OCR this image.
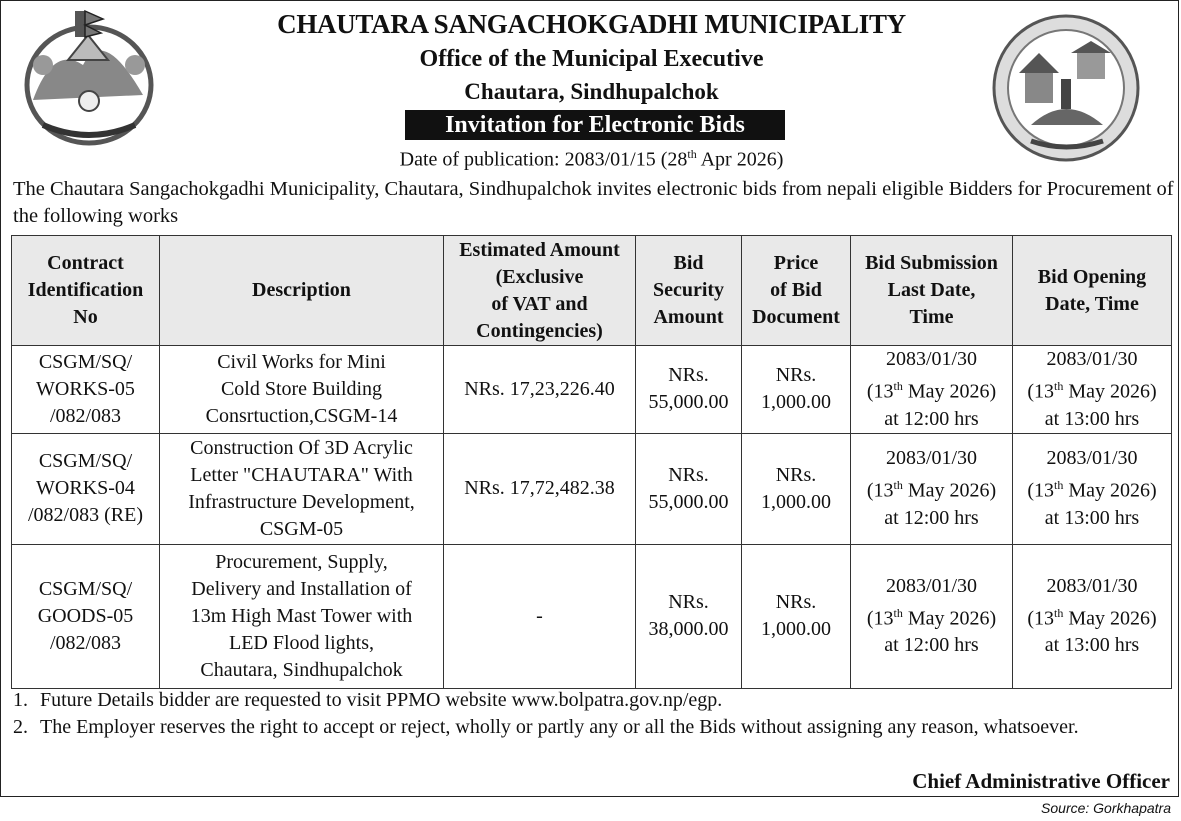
CHAUTARA SANGACHOKGADHI MUNICIPALITY
Office of the Municipal Executive
Chautara, Sindhupalchok
Invitation for Electronic Bids
Date of publication: 2083/01/15 (28th Apr 2026)
The Chautara Sangachokgadhi Municipality, Chautara, Sindhupalchok invites electronic bids from nepali eligible Bidders for Procurement of the following works
Contract
Identification
No	Description	Estimated Amount
(Exclusive
of VAT and
Contingencies)	Bid
Security
Amount	Price
of Bid
Document	Bid Submission
Last Date,
Time	Bid Opening
Date, Time

CSGM/SQ/
WORKS-05
/082/083	Civil Works for Mini
Cold Store Building
Consrtuction,CSGM-14	NRs. 17,23,226.40	NRs.
55,000.00	NRs.
1,000.00	2083/01/30
(13th May 2026)
at 12:00 hrs	2083/01/30
(13th May 2026)
at 13:00 hrs

CSGM/SQ/
WORKS-04
/082/083 (RE)	Construction Of 3D Acrylic
Letter "CHAUTARA" With
Infrastructure Development,
CSGM-05	NRs. 17,72,482.38	NRs.
55,000.00	NRs.
1,000.00	2083/01/30
(13th May 2026)
at 12:00 hrs	2083/01/30
(13th May 2026)
at 13:00 hrs

CSGM/SQ/
GOODS-05
/082/083	Procurement, Supply,
Delivery and Installation of
13m High Mast Tower with
LED Flood lights,
Chautara, Sindhupalchok	-	NRs.
38,000.00	NRs.
1,000.00	2083/01/30
(13th May 2026)
at 12:00 hrs	2083/01/30
(13th May 2026)
at 13:00 hrs
1. Future Details bidder are requested to visit PPMO website www.bolpatra.gov.np/egp.
2. The Employer reserves the right to accept or reject, wholly or partly any or all the Bids without assigning any reason, whatsoever.
Chief Administrative Officer
Source: Gorkhapatra
